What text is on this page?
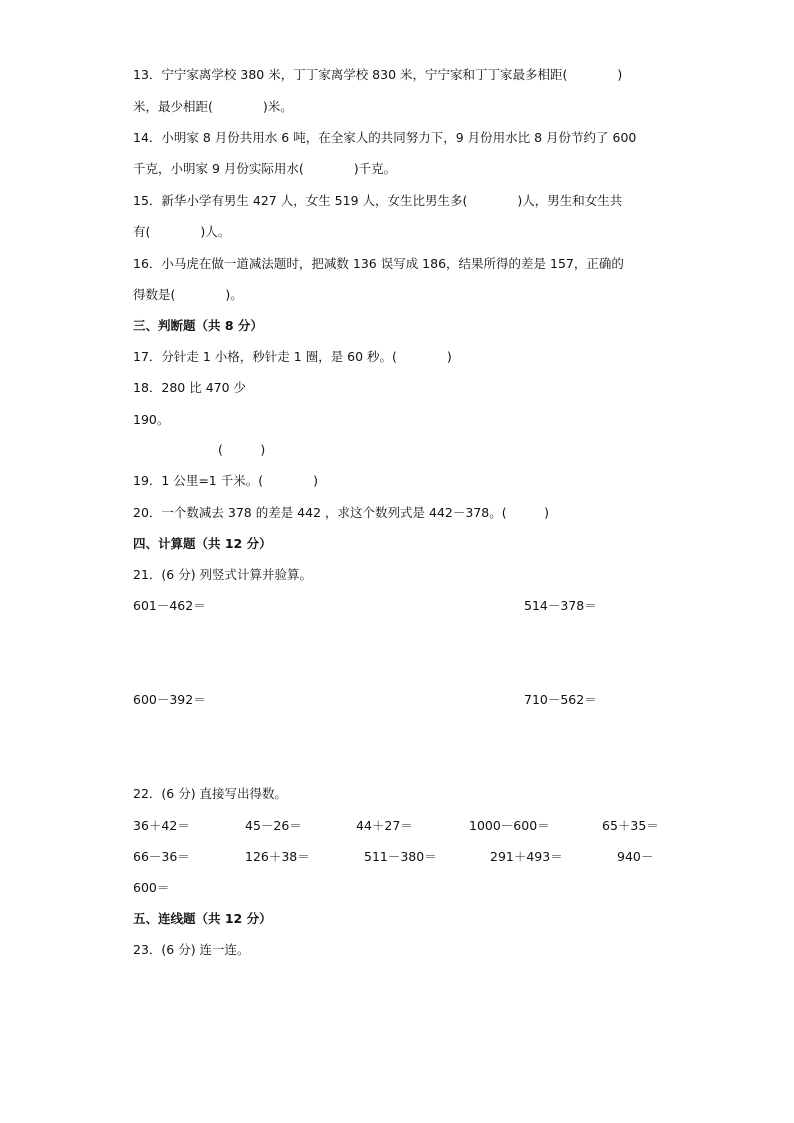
13．宁宁家离学校 380 米，丁丁家离学校 830 米，宁宁家和丁丁家最多相距(　　　　)
米，最少相距(　　　　)米。
14．小明家 8 月份共用水 6 吨，在全家人的共同努力下，9 月份用水比 8 月份节约了 600
千克，小明家 9 月份实际用水(　　　　)千克。
15．新华小学有男生 427 人，女生 519 人，女生比男生多(　　　　)人，男生和女生共
有(　　　　)人。
16．小马虎在做一道减法题时，把减数 136 误写成 186，结果所得的差是 157，正确的
得数是(　　　　)。
三、判断题（共 8 分）
17．分针走 1 小格，秒针走 1 圈，是 60 秒。(　　　　)
18．280 比 470 少
190。
(　　　)
19．1 公里=1 千米。(　　　　)
20．一个数减去 378 的差是 442 ，求这个数列式是 442－378。(　　　)
四、计算题（共 12 分）
21．(6 分) 列竖式计算并验算。
601－462＝	514－378＝
600－392＝	710－562＝
22．(6 分) 直接写出得数。
36＋42＝	45－26＝	44＋27＝	1000－600＝	65＋35＝
66－36＝	126＋38＝	511－380＝	291＋493＝	940－
600＝
五、连线题（共 12 分）
23．(6 分) 连一连。
